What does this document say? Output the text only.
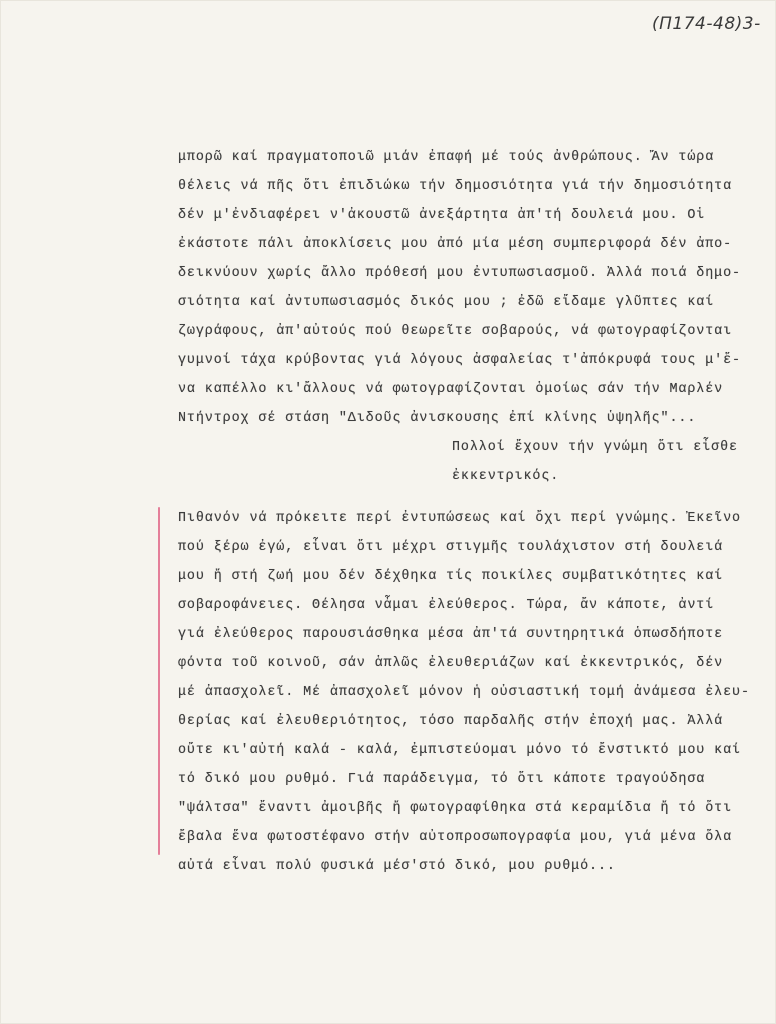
(Π174-48)3-
μπορῶ καί πραγματοποιῶ μιάν ἐπαφή μέ τούς ἀνθρώπους. Ἄν τώρα
θέλεις νά πῆς ὅτι ἐπιδιώκω τήν δημοσιότητα γιά τήν δημοσιότητα
δέν μ'ἐνδιαφέρει ν'ἀκουστῶ ἀνεξάρτητα ἀπ'τή δουλειά μου. Οἱ
ἐκάστοτε πάλι ἀποκλίσεις μου ἀπό μία μέση συμπεριφορά δέν ἀπο-
δεικνύουν χωρίς ἄλλο πρόθεσή μου ἐντυπωσιασμοῦ. Ἀλλά ποιά δημο-
σιότητα καί ἀντυπωσιασμός δικός μου ; ἐδῶ εἴδαμε γλῦπτες καί
ζωγράφους, ἀπ'αὐτούς πού θεωρεῖτε σοβαρούς, νά φωτογραφίζονται
γυμνοί τάχα κρύβοντας γιά λόγους ἀσφαλείας τ'ἀπόκρυφά τους μ'ἕ-
να καπέλλο κι'ἄλλους νά φωτογραφίζονται ὁμοίως σάν τήν Μαρλέν
Ντήντροχ σέ στάση "Διδοῦς ἀνισκουσης ἐπί κλίνης ὑψηλῆς"...
Πολλοί ἔχουν τήν γνώμη ὅτι εἶσθε
ἐκκεντρικός.
Πιθανόν νά πρόκειτε περί ἐντυπώσεως καί ὄχι περί γνώμης. Ἐκεῖνο
πού ξέρω ἐγώ, εἶναι ὅτι μέχρι στιγμῆς τουλάχιστον στή δουλειά
μου ἤ στή ζωή μου δέν δέχθηκα τίς ποικίλες συμβατικότητες καί
σοβαροφάνειες. Θέλησα νἆμαι ἐλεύθερος. Τώρα, ἄν κάποτε, ἀντί
γιά ἐλεύθερος παρουσιάσθηκα μέσα ἀπ'τά συντηρητικά ὁπωσδήποτε
φόντα τοῦ κοινοῦ, σάν ἁπλῶς ἐλευθεριάζων καί ἐκκεντρικός, δέν
μέ ἀπασχολεῖ. Μέ ἀπασχολεῖ μόνον ἡ οὐσιαστική τομή ἀνάμεσα ἐλευ-
θερίας καί ἐλευθεριότητος, τόσο παρδαλῆς στήν ἐποχή μας. Ἀλλά
οὔτε κι'αὐτή καλά - καλά, ἐμπιστεύομαι μόνο τό ἔνστικτό μου καί
τό δικό μου ρυθμό. Γιά παράδειγμα, τό ὅτι κάποτε τραγούδησα
"ψάλτσα" ἔναντι ἀμοιβῆς ἤ φωτογραφίθηκα στά κεραμίδια ἤ τό ὅτι
ἔβαλα ἕνα φωτοστέφανο στήν αὐτοπροσωπογραφία μου, γιά μένα ὅλα
αὐτά εἶναι πολύ φυσικά μέσ'στό δικό, μου ρυθμό...
